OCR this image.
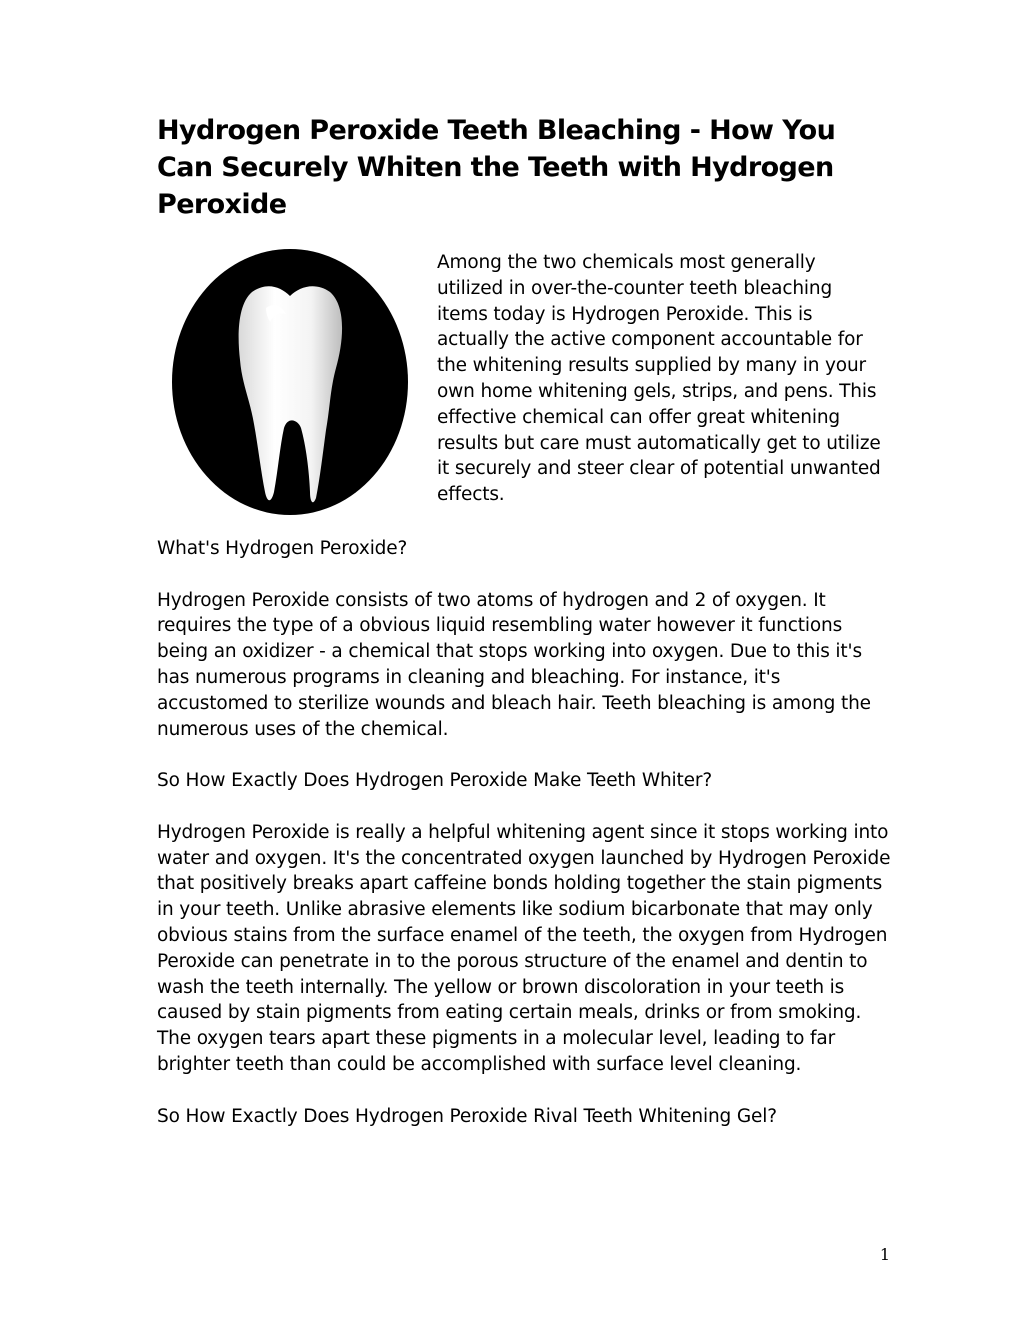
Hydrogen Peroxide Teeth Bleaching - How You Can Securely Whiten the Teeth with Hydrogen Peroxide

Among the two chemicals most generally utilized in over-the-counter teeth bleaching items today is Hydrogen Peroxide. This is actually the active component accountable for the whitening results supplied by many in your own home whitening gels, strips, and pens. This effective chemical can offer great whitening results but care must automatically get to utilize it securely and steer clear of potential unwanted effects.

What's Hydrogen Peroxide?

Hydrogen Peroxide consists of two atoms of hydrogen and 2 of oxygen. It requires the type of a obvious liquid resembling water however it functions being an oxidizer - a chemical that stops working into oxygen. Due to this it's has numerous programs in cleaning and bleaching. For instance, it's accustomed to sterilize wounds and bleach hair. Teeth bleaching is among the numerous uses of the chemical.

So How Exactly Does Hydrogen Peroxide Make Teeth Whiter?

Hydrogen Peroxide is really a helpful whitening agent since it stops working into water and oxygen. It's the concentrated oxygen launched by Hydrogen Peroxide that positively breaks apart caffeine bonds holding together the stain pigments in your teeth. Unlike abrasive elements like sodium bicarbonate that may only obvious stains from the surface enamel of the teeth, the oxygen from Hydrogen Peroxide can penetrate in to the porous structure of the enamel and dentin to wash the teeth internally. The yellow or brown discoloration in your teeth is caused by stain pigments from eating certain meals, drinks or from smoking. The oxygen tears apart these pigments in a molecular level, leading to far brighter teeth than could be accomplished with surface level cleaning.

So How Exactly Does Hydrogen Peroxide Rival Teeth Whitening Gel?

1
